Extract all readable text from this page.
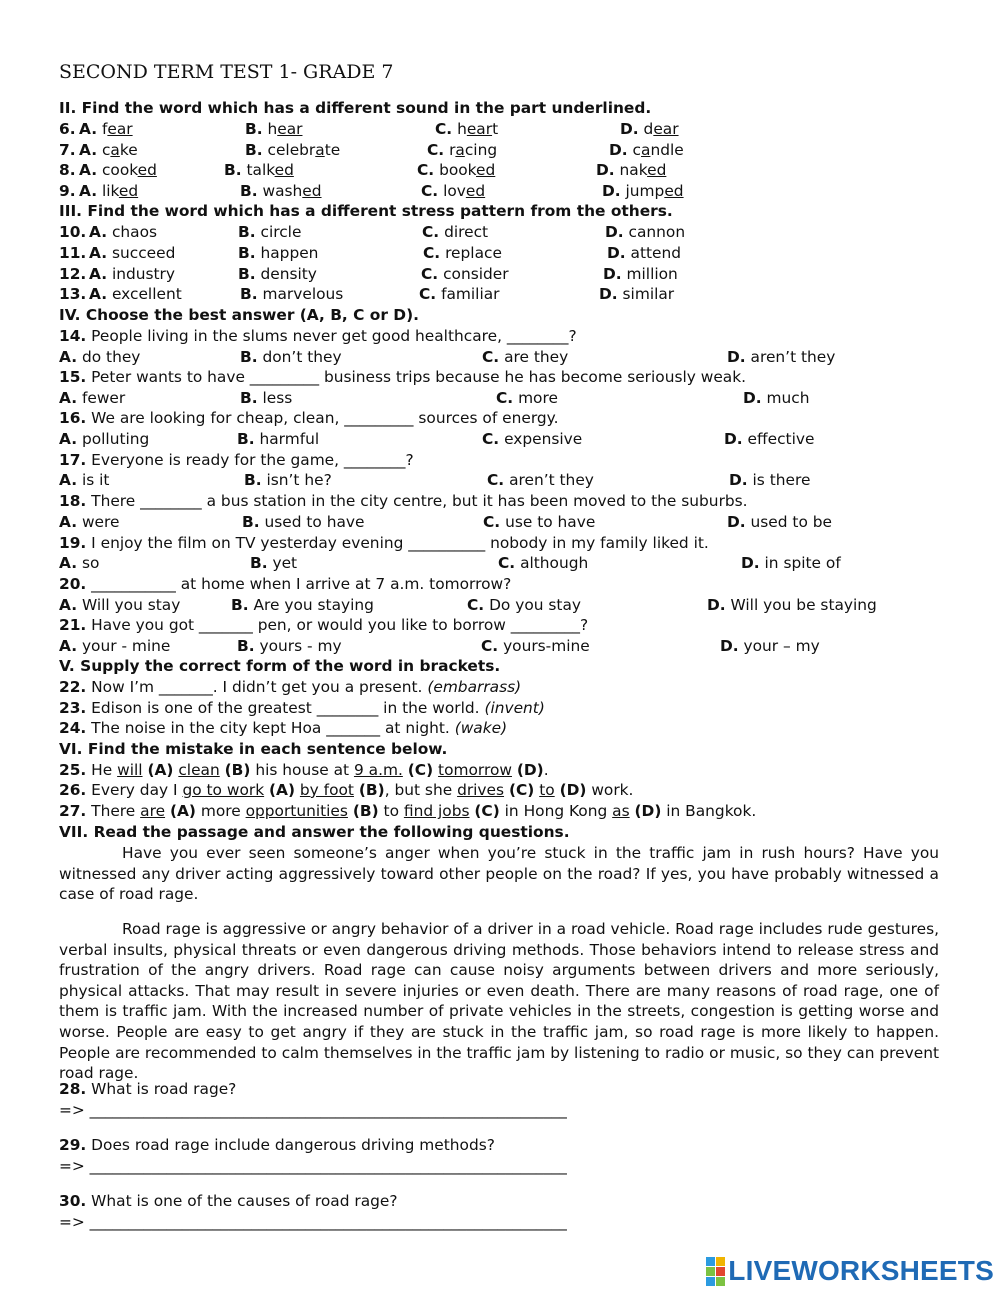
SECOND TERM TEST 1- GRADE 7
II. Find the word which has a different sound in the part underlined.
6. A. fear	B. hear	C. heart	D. dear
7. A. cake	B. celebrate	C. racing	D. candle
8. A. cooked	B. talked	C. booked	D. naked
9. A. liked	B. washed	C. loved	D. jumped
III. Find the word which has a different stress pattern from the others.
10. A. chaos	B. circle	C. direct	D. cannon
11. A. succeed	B. happen	C. replace	D. attend
12. A. industry	B. density	C. consider	D. million
13. A. excellent	B. marvelous	C. familiar	D. similar
IV. Choose the best answer (A, B, C or D).
14. People living in the slums never get good healthcare, ________?
A. do they	B. don’t they	C. are they	D. aren’t they
15. Peter wants to have _________ business trips because he has become seriously weak.
A. fewer	B. less	C. more	D. much
16. We are looking for cheap, clean, _________ sources of energy.
A. polluting	B. harmful	C. expensive	D. effective
17. Everyone is ready for the game, ________?
A. is it	B. isn’t he?	C. aren’t they	D. is there
18. There ________ a bus station in the city centre, but it has been moved to the suburbs.
A. were	B. used to have	C. use to have	D. used to be
19. I enjoy the film on TV yesterday evening __________ nobody in my family liked it.
A. so	B. yet	C. although	D. in spite of
20. ___________ at home when I arrive at 7 a.m. tomorrow?
A. Will you stay	B. Are you staying	C. Do you stay	D. Will you be staying
21. Have you got _______ pen, or would you like to borrow _________?
A. your - mine	B. yours - my	C. yours-mine	D. your – my
V. Supply the correct form of the word in brackets.
22. Now I’m _______. I didn’t get you a present. (embarrass)
23. Edison is one of the greatest ________ in the world. (invent)
24. The noise in the city kept Hoa _______ at night. (wake)
VI. Find the mistake in each sentence below.
25. He will (A) clean (B) his house at 9 a.m. (C) tomorrow (D).
26. Every day I go to work (A) by foot (B), but she drives (C) to (D) work.
27. There are (A) more opportunities (B) to find jobs (C) in Hong Kong as (D) in Bangkok.
VII. Read the passage and answer the following questions.
Have you ever seen someone’s anger when you’re stuck in the traffic jam in rush hours? Have you witnessed any driver acting aggressively toward other people on the road? If yes, you have probably witnessed a case of road rage.
Road rage is aggressive or angry behavior of a driver in a road vehicle. Road rage includes rude gestures, verbal insults, physical threats or even dangerous driving methods. Those behaviors intend to release stress and frustration of the angry drivers. Road rage can cause noisy arguments between drivers and more seriously, physical attacks. That may result in severe injuries or even death. There are many reasons of road rage, one of them is traffic jam. With the increased number of private vehicles in the streets, congestion is getting worse and worse. People are easy to get angry if they are stuck in the traffic jam, so road rage is more likely to happen. People are recommended to calm themselves in the traffic jam by listening to radio or music, so they can prevent road rage.
28. What is road rage?
=> ______________________________________________________________
29. Does road rage include dangerous driving methods?
=> ______________________________________________________________
30. What is one of the causes of road rage?
=> ______________________________________________________________
LIVEWORKSHEETS
